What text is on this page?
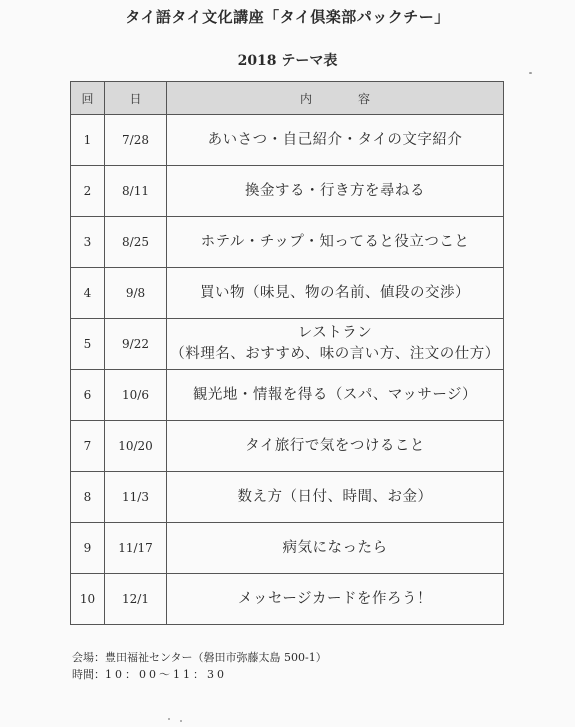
タイ語タイ文化講座「タイ倶楽部パックチー」
2018 テーマ表
回	日	内 容
1	7/28	あいさつ・自己紹介・タイの文字紹介
2	8/11	換金する・行き方を尋ねる
3	8/25	ホテル・チップ・知ってると役立つこと
4	9/8	買い物（味見、物の名前、値段の交渉）
5	9/22	レストラン
（料理名、おすすめ、味の言い方、注文の仕方）

6	10/6	観光地・情報を得る（スパ、マッサージ）
7	10/20	タイ旅行で気をつけること
8	11/3	数え方（日付、時間、お金）
9	11/17	病気になったら
10	12/1	メッセージカードを作ろう！
会場：豊田福祉センター（磐田市弥藤太島 500-1）
時間：10：00～11：30
